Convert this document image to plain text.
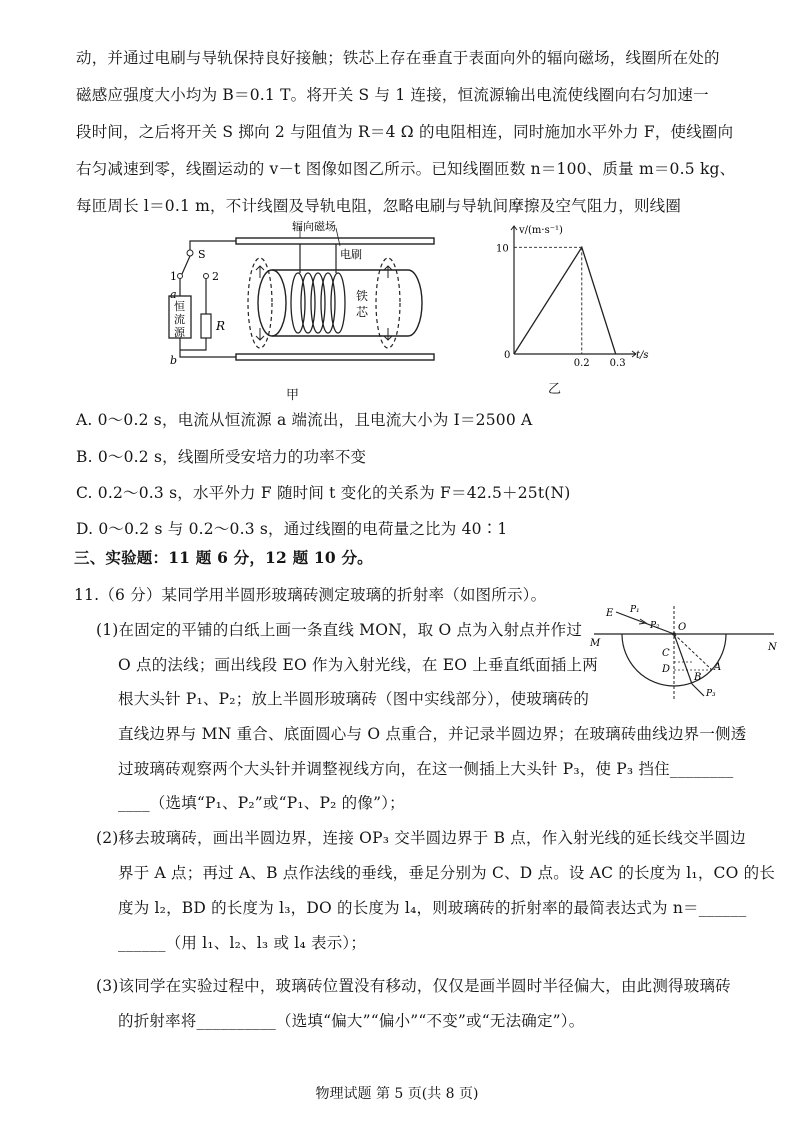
动，并通过电刷与导轨保持良好接触；铁芯上存在垂直于表面向外的辐向磁场，线圈所在处的
磁感应强度大小均为 B＝0.1 T。将开关 S 与 1 连接，恒流源输出电流使线圈向右匀加速一
段时间，之后将开关 S 掷向 2 与阻值为 R＝4 Ω 的电阻相连，同时施加水平外力 F，使线圈向
右匀减速到零，线圈运动的 v－t 图像如图乙所示。已知线圈匝数 n＝100、质量 m＝0.5 kg、
每匝周长 l＝0.1 m，不计线圈及导轨电阻，忽略电刷与导轨间摩擦及空气阻力，则线圈
辐向磁场
电刷
铁
芯
S
1	2
a
b
恒
流
源	R
甲
v/(m·s⁻¹)
t/s
0
10
0.2 0.3
乙
A. 0～0.2 s，电流从恒流源 a 端流出，且电流大小为 I＝2500 A
B. 0～0.2 s，线圈所受安培力的功率不变
C. 0.2～0.3 s，水平外力 F 随时间 t 变化的关系为 F＝42.5＋25t(N)
D. 0～0.2 s 与 0.2～0.3 s，通过线圈的电荷量之比为 40∶1
三、实验题：11 题 6 分，12 题 10 分。
11.（6 分）某同学用半圆形玻璃砖测定玻璃的折射率（如图所示）。
(1)在固定的平铺的白纸上画一条直线 MON，取 O 点为入射点并作过
O 点的法线；画出线段 EO 作为入射光线，在 EO 上垂直纸面插上两
根大头针 P₁、P₂；放上半圆形玻璃砖（图中实线部分），使玻璃砖的
直线边界与 MN 重合、底面圆心与 O 点重合，并记录半圆边界；在玻璃砖曲线边界一侧透
过玻璃砖观察两个大头针并调整视线方向，在这一侧插上大头针 P₃，使 P₃ 挡住________
____（选填“P₁、P₂”或“P₁、P₂ 的像”）；
(2)移去玻璃砖，画出半圆边界，连接 OP₃ 交半圆边界于 B 点，作入射光线的延长线交半圆边
界于 A 点；再过 A、B 点作法线的垂线，垂足分别为 C、D 点。设 AC 的长度为 l₁，CO 的长
度为 l₂，BD 的长度为 l₃，DO 的长度为 l₄，则玻璃砖的折射率的最简表达式为 n＝______
______（用 l₁、l₂、l₃ 或 l₄ 表示）；
(3)该同学在实验过程中，玻璃砖位置没有移动，仅仅是画半圆时半径偏大，由此测得玻璃砖
的折射率将__________（选填“偏大”“偏小”“不变”或“无法确定”）。
E P₁
P₂ O
M	N
C
D	A
B
P₃
物理试题 第 5 页(共 8 页)
